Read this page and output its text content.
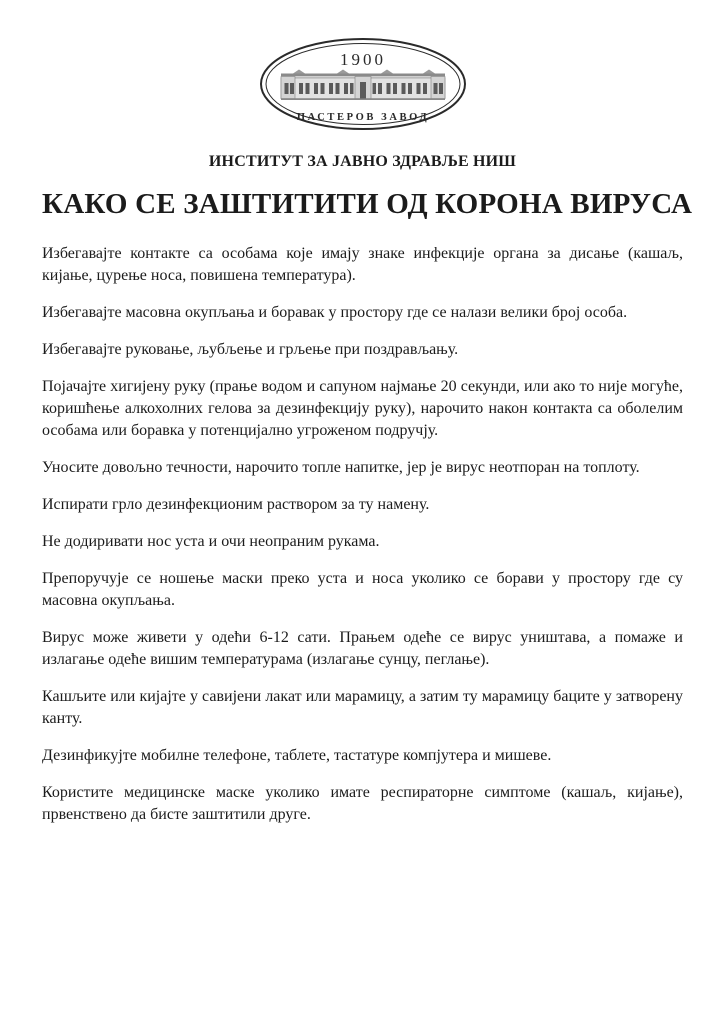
1900
ПАСТЕРОВ ЗАВОД
ИНСТИТУТ ЗА ЈАВНО ЗДРАВЉЕ НИШ
КАКО СЕ ЗАШТИТИТИ ОД КОРОНА ВИРУСА

Избегавајте контакте са особама које имају знаке инфекције органа за дисање (кашаљ, кијање, цурење носа, повишена температура).

Избегавајте масовна окупљања и боравак у простору где се налази велики број особа.

Избегавајте руковање, љубљење и грљење при поздрављању.

Појачајте хигијену руку (прање водом и сапуном најмање 20 секунди, или ако то није могуће, коришћење алкохолних гелова за дезинфекцију руку), нарочито након контакта са оболелим особама или боравка у потенцијално угроженом подручју.

Уносите довољно течности, нарочито топле напитке, јер је вирус неотпоран на топлоту.

Испирати грло дезинфекционим раствором за ту намену.

Не додиривати нос уста и очи неопраним рукама.

Препоручује се ношење маски преко уста и носа уколико се борави у простору где су масовна окупљања.

Вирус може живети у одећи 6-12 сати. Прањем одеће се вирус уништава, а помаже и излагање одеће вишим температурама (излагање сунцу, пеглање).

Кашљите или кијајте у савијени лакат или марамицу, а затим ту марамицу баците у затворену канту.

Дезинфикујте мобилне телефоне, таблете, тастатуре компјутера и мишеве.

Користите медицинске маске уколико имате респираторне симптоме (кашаљ, кијање), првенствено да бисте заштитили друге.
